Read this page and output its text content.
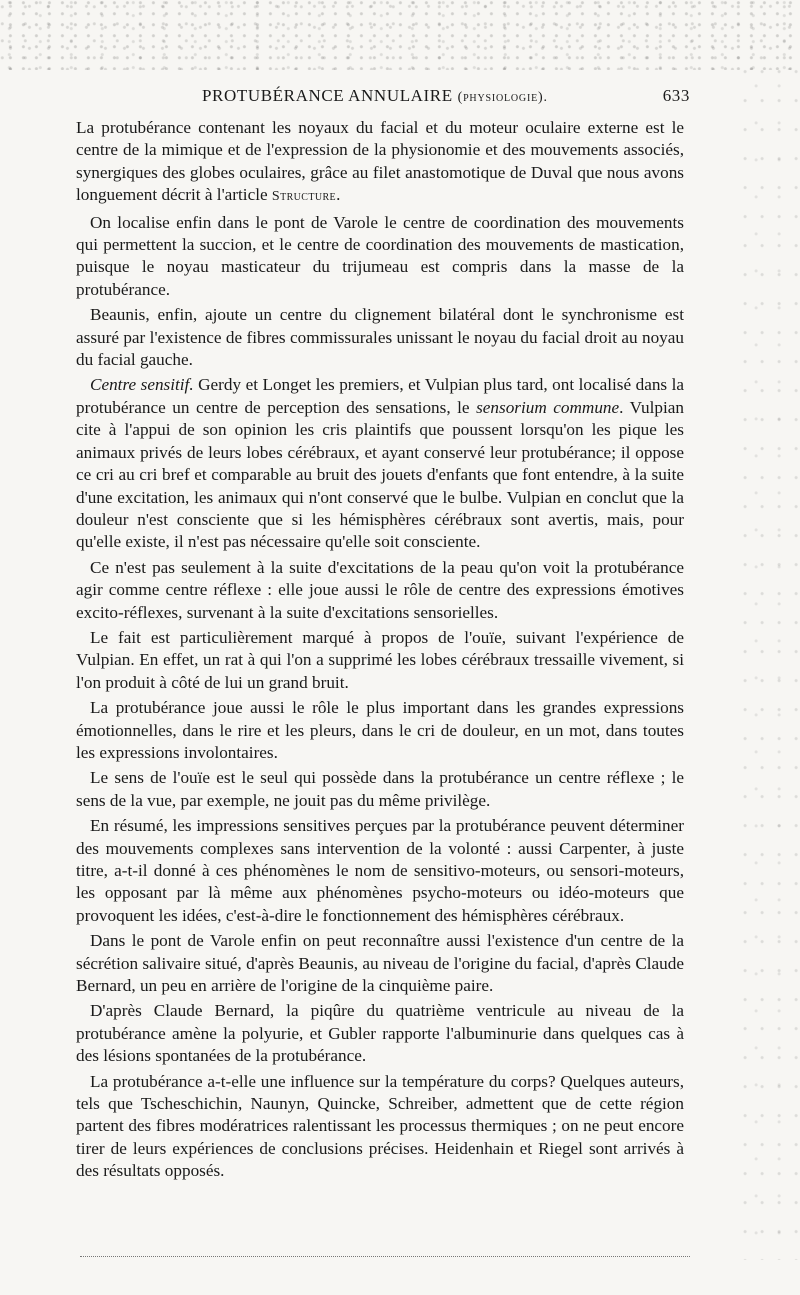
PROTUBÉRANCE ANNULAIRE
(physiologie).	633

La protubérance contenant les noyaux du facial et du moteur oculaire externe est le centre de la mimique et de l'expression de la physionomie et des mouvements associés, synergiques des globes oculaires, grâce au filet anastomotique de Duval que nous avons longuement décrit à l'article Structure.

On localise enfin dans le pont de Varole le centre de coordination des mouvements qui permettent la succion, et le centre de coordination des mouvements de mastication, puisque le noyau masticateur du trijumeau est compris dans la masse de la protubérance.

Beaunis, enfin, ajoute un centre du clignement bilatéral dont le synchronisme est assuré par l'existence de fibres commissurales unissant le noyau du facial droit au noyau du facial gauche.

Centre sensitif. Gerdy et Longet les premiers, et Vulpian plus tard, ont localisé dans la protubérance un centre de perception des sensations, le sensorium commune. Vulpian cite à l'appui de son opinion les cris plaintifs que poussent lorsqu'on les pique les animaux privés de leurs lobes cérébraux, et ayant conservé leur protubérance; il oppose ce cri au cri bref et comparable au bruit des jouets d'enfants que font entendre, à la suite d'une excitation, les animaux qui n'ont conservé que le bulbe. Vulpian en conclut que la douleur n'est consciente que si les hémisphères cérébraux sont avertis, mais, pour qu'elle existe, il n'est pas nécessaire qu'elle soit consciente.

Ce n'est pas seulement à la suite d'excitations de la peau qu'on voit la protubérance agir comme centre réflexe : elle joue aussi le rôle de centre des expressions émotives excito-réflexes, survenant à la suite d'excitations sensorielles.

Le fait est particulièrement marqué à propos de l'ouïe, suivant l'expérience de Vulpian. En effet, un rat à qui l'on a supprimé les lobes cérébraux tressaille vivement, si l'on produit à côté de lui un grand bruit.

La protubérance joue aussi le rôle le plus important dans les grandes expressions émotionnelles, dans le rire et les pleurs, dans le cri de douleur, en un mot, dans toutes les expressions involontaires.

Le sens de l'ouïe est le seul qui possède dans la protubérance un centre réflexe ; le sens de la vue, par exemple, ne jouit pas du même privilège.

En résumé, les impressions sensitives perçues par la protubérance peuvent déterminer des mouvements complexes sans intervention de la volonté : aussi Carpenter, à juste titre, a-t-il donné à ces phénomènes le nom de sensitivo-moteurs, ou sensori-moteurs, les opposant par là même aux phénomènes psycho-moteurs ou idéo-moteurs que provoquent les idées, c'est-à-dire le fonctionnement des hémisphères cérébraux.

Dans le pont de Varole enfin on peut reconnaître aussi l'existence d'un centre de la sécrétion salivaire situé, d'après Beaunis, au niveau de l'origine du facial, d'après Claude Bernard, un peu en arrière de l'origine de la cinquième paire.

D'après Claude Bernard, la piqûre du quatrième ventricule au niveau de la protubérance amène la polyurie, et Gubler rapporte l'albuminurie dans quelques cas à des lésions spontanées de la protubérance.

La protubérance a-t-elle une influence sur la température du corps? Quelques auteurs, tels que Tscheschichin, Naunyn, Quincke, Schreiber, admettent que de cette région partent des fibres modératrices ralentissant les processus thermiques ; on ne peut encore tirer de leurs expériences de conclusions précises. Heidenhain et Riegel sont arrivés à des résultats opposés.
